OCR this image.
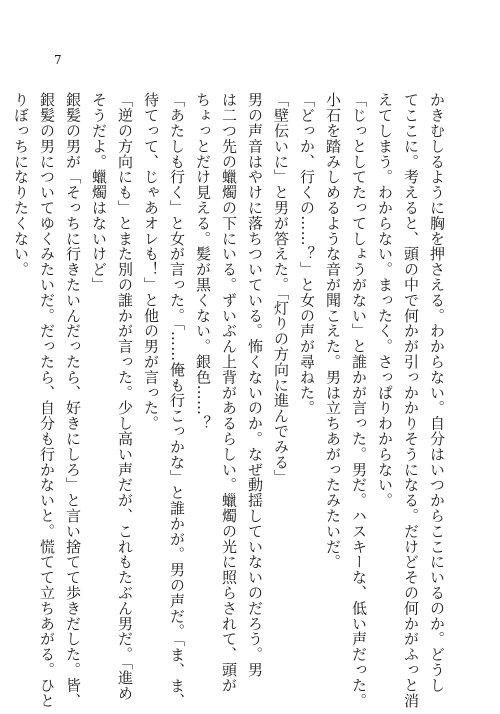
7
かきむしるように胸を押さえる。わからない。自分はいつからここにいるのか。どうし
てここに。考えると、頭の中で何かが引っかかりそうになる。だけどその何かがふっと消
えてしまう。わからない。まったく。さっぱりわからない。
「じっとしてたってしょうがない」と誰かが言った。男だ。ハスキーな、低い声だった。
小石を踏みしめるような音が聞こえた。男は立ちあがったみたいだ。
「どっか、行くの……？」と女の声が尋ねた。
「壁伝いに」と男が答えた。「灯りの方向に進んでみる」
男の声音はやけに落ちついている。怖くないのか。なぜ動揺していないのだろう。男
は二つ先の蠟燭の下にいる。ずいぶん上背があるらしい。蠟燭の光に照らされて、頭が
ちょっとだけ見える。髪が黒くない。銀色……？
「あたしも行く」と女が言った。「……俺も行こっかな」と誰かが。男の声だ。「ま、ま、
待てって、じゃあオレも！」と他の男が言った。
「逆の方向にも」とまた別の誰かが言った。少し高い声だが、これもたぶん男だ。「進め
そうだよ。蠟燭はないけど」
銀髪の男が「そっちに行きたいんだったら、好きにしろ」と言い捨てて歩きだした。皆、
銀髪の男についてゆくみたいだ。だったら、自分も行かないと。慌てて立ちあがる。ひと
りぼっちになりたくない。
